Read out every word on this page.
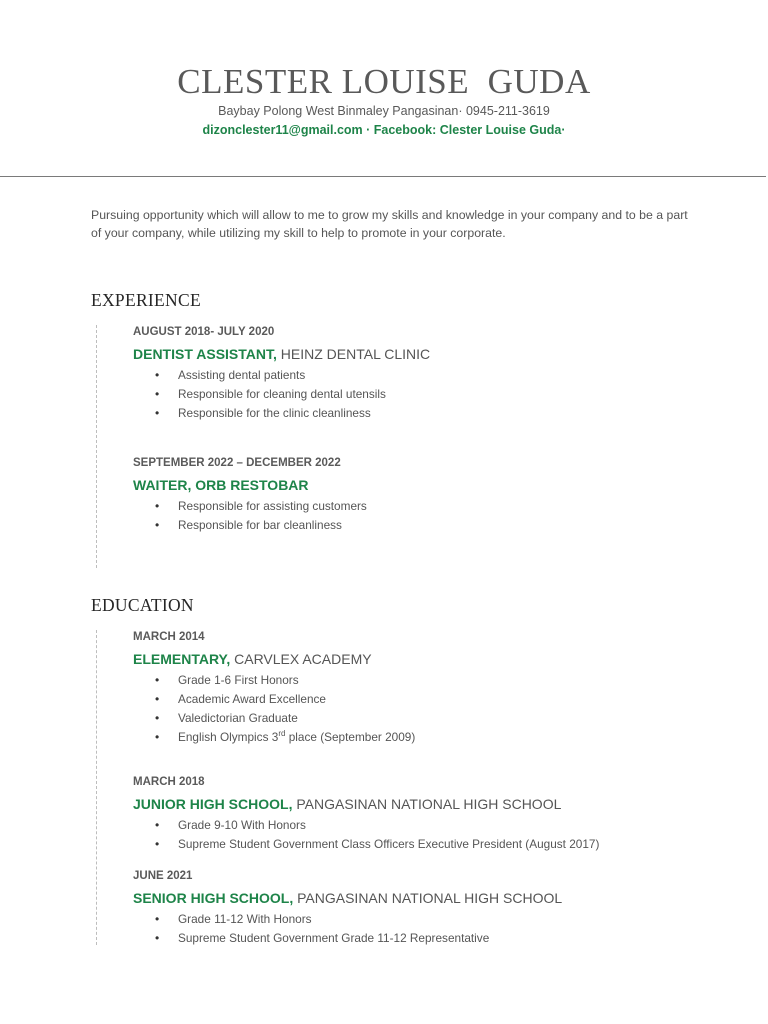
CLESTER LOUISE  GUDA
Baybay Polong West Binmaley Pangasinan· 0945-211-3619
dizonclester11@gmail.com · Facebook: Clester Louise Guda·
Pursuing opportunity which will allow to me to grow my skills and knowledge in your company and to be a part of your company, while utilizing my skill to help to promote in your corporate.
EXPERIENCE
AUGUST 2018- JULY 2020
DENTIST ASSISTANT, HEINZ DENTAL CLINIC
• Assisting dental patients
• Responsible for cleaning dental utensils
• Responsible for the clinic cleanliness
SEPTEMBER 2022 – DECEMBER 2022
WAITER, ORB RESTOBAR
• Responsible for assisting customers
• Responsible for bar cleanliness
EDUCATION
MARCH 2014
ELEMENTARY, CARVLEX ACADEMY
• Grade 1-6 First Honors
• Academic Award Excellence
• Valedictorian Graduate
• English Olympics 3rd place (September 2009)
MARCH 2018
JUNIOR HIGH SCHOOL, PANGASINAN NATIONAL HIGH SCHOOL
• Grade 9-10 With Honors
• Supreme Student Government Class Officers Executive President (August 2017)
JUNE 2021
SENIOR HIGH SCHOOL, PANGASINAN NATIONAL HIGH SCHOOL
• Grade 11-12 With Honors
• Supreme Student Government Grade 11-12 Representative
